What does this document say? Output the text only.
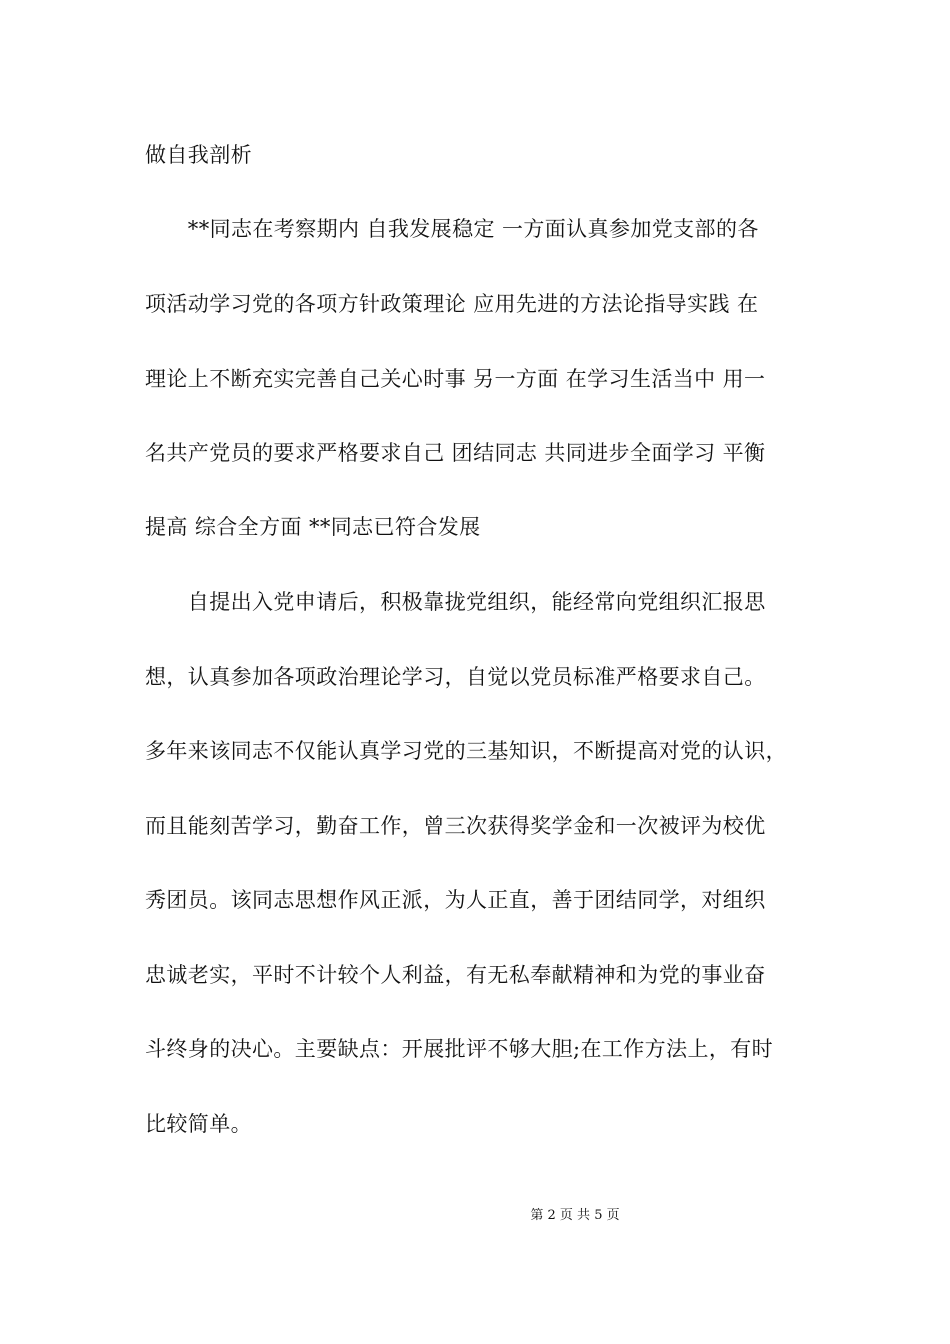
做自我剖析
　　**同志在考察期内 自我发展稳定 一方面认真参加党支部的各
项活动学习党的各项方针政策理论 应用先进的方法论指导实践 在
理论上不断充实完善自己关心时事 另一方面 在学习生活当中 用一
名共产党员的要求严格要求自己 团结同志 共同进步全面学习 平衡
提高 综合全方面 **同志已符合发展
　　自提出入党申请后，积极靠拢党组织，能经常向党组织汇报思
想，认真参加各项政治理论学习，自觉以党员标准严格要求自己。
多年来该同志不仅能认真学习党的三基知识，不断提高对党的认识，
而且能刻苦学习，勤奋工作，曾三次获得奖学金和一次被评为校优
秀团员。该同志思想作风正派，为人正直，善于团结同学，对组织
忠诚老实，平时不计较个人利益，有无私奉献精神和为党的事业奋
斗终身的决心。主要缺点：开展批评不够大胆;在工作方法上，有时
比较简单。
第 2 页 共 5 页
